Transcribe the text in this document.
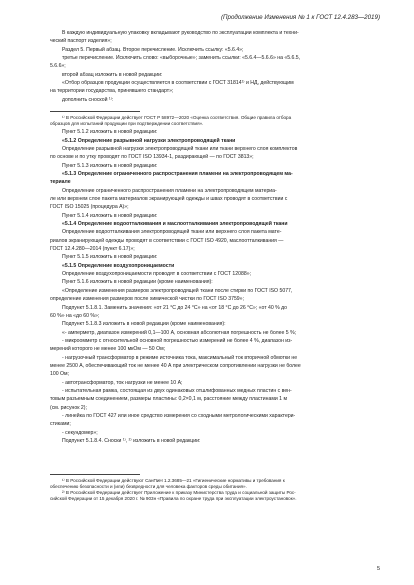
(Продолжение Изменения № 1 к ГОСТ 12.4.283—2019)
В каждую индивидуальную упаковку вкладывают руководство по эксплуатации комплекта и техни-
ческий паспорт изделия»;
Раздел 5. Первый абзац. Второе перечисление. Исключить ссылку: «5.6.4»;
третье перечисление. Исключить слово: «выборочные»; заменить ссылки: «5.6.4—5.6.6» на «5.6.5,
5.6.6»;
второй абзац изложить в новой редакции:
«Отбор образцов продукции осуществляется в соответствии с ГОСТ 31814¹⁾ и НД, действующим
на территории государства, принявшего стандарт»;
дополнить сноской ¹⁾:
¹⁾ В Российской Федерации действует ГОСТ Р 58972—2020 «Оценка соответствия. Общие правила отбора
образцов для испытаний продукции при подтверждении соответствия».
Пункт 5.1.2 изложить в новой редакции:
«5.1.2 Определение разрывной нагрузки электропроводящей ткани
Определение разрывной нагрузки электропроводящей ткани или ткани верхнего слоя комплектов
по основе и по утку проводят по ГОСТ ISO 13934-1, раздирающей — по ГОСТ 3813»;
Пункт 5.1.3 изложить в новой редакции:
«5.1.3 Определение ограниченного распространения пламени на электропроводящем ма-
териале
Определение ограниченного распространения пламени на электропроводящем материа-
ле или верхнем слое пакета материалов экранирующей одежды и швах проводят в соответствии с
ГОСТ ISO 15025 (процедура А)»;
Пункт 5.1.4 изложить в новой редакции:
«5.1.4 Определение водоотталкивания и маслоотталкивания электропроводящей ткани
Определение водоотталкивания электропроводящей ткани или верхнего слоя пакета мате-
риалов экранирующей одежды проводят в соответствии с ГОСТ ISO 4920, маслоотталкивания —
ГОСТ 12.4.280—2014 (пункт 6.17)»;
Пункт 5.1.5 изложить в новой редакции:
«5.1.5 Определение воздухопроницаемости
Определение воздухопроницаемости проводят в соответствии с ГОСТ 12088»;
Пункт 5.1.6 изложить в новой редакции (кроме наименования):
«Определение изменения размеров электропроводящей ткани после стирки по ГОСТ ISO 5077,
определение изменения размеров после химической чистки по ГОСТ ISO 3759»;
Подпункт 5.1.8.1. Заменить значения: «от 21 °С до 24 °С» на «от 18 °С до 26 °С»; «от 40 % до
60 %» на «до 60 %»;
Подпункт 5.1.8.3 изложить в новой редакции (кроме наименования):
«- амперметр, диапазон измерений 0,1—100 А, основная абсолютная погрешность не более 5 %;
- микроомметр с относительной основной погрешностью измерений не более 4 %, диапазон из-
мерений которого не менее 100 мкОм — 50 Ом;
- нагрузочный трансформатор в режиме источника тока, максимальный ток вторичной обмотки не
менее 2500 А, обеспечивающий ток не менее 40 А при электрическом сопротивлении нагрузки не более
100 Ом;
- автотрансформатор, ток нагрузки не менее 10 А;
- испытательная рамка, состоящая из двух одинаковых отшлифованных медных пластин с вен-
товым разъемным соединением, размеры пластины: 0,2×0,1 м, расстояние между пластинами 1 м
(см. рисунок 2);
- линейка по ГОСТ 427 или иное средство измерения со сходными метрологическими характери-
стиками;
- секундомер»;
Подпункт 5.1.8.4. Сноски ¹⁾, ²⁾ изложить в новой редакции:
¹⁾ В Российской Федерации действуют СанПиН 1.2.3685—21 «Гигиенические нормативы и требования к
обеспечению безопасности и (или) безвредности для человека факторов среды обитания».
²⁾ В Российской Федерации действует Приложение к приказу Министерства труда и социальной защиты Рос-
сийской Федерации от 15 декабря 2020 г. № 903н «Правила по охране труда при эксплуатации электроустановок».
5
